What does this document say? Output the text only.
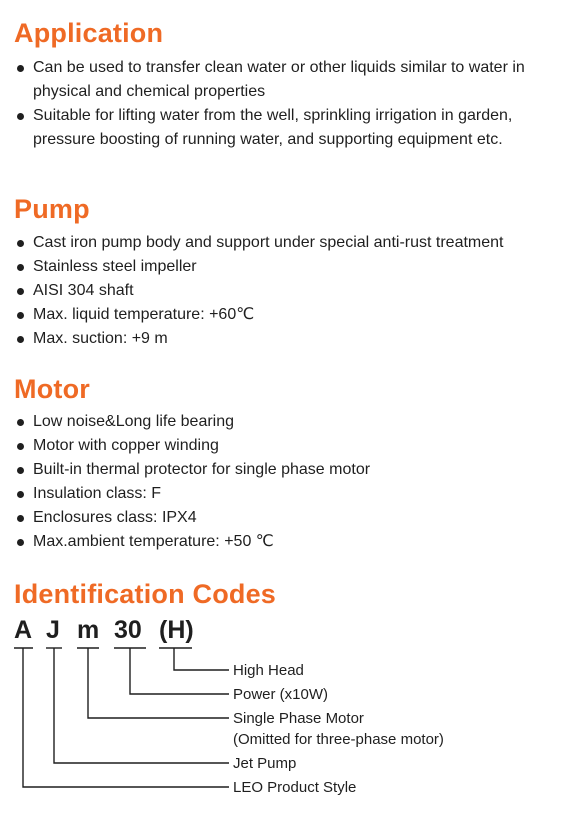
Application
Can be used to transfer clean water or other liquids similar to water in physical and chemical properties
Suitable for lifting water from the well, sprinkling irrigation in garden, pressure boosting of running water, and supporting equipment etc.
Pump
Cast iron pump body and support under special anti-rust treatment
Stainless steel impeller
AISI 304 shaft
Max. liquid temperature: +60℃
Max. suction: +9 m
Motor
Low noise&Long life bearing
Motor with copper winding
Built-in thermal protector for single phase motor
Insulation class: F
Enclosures class: IPX4
Max.ambient temperature: +50 ℃
Identification Codes
A J m 30 (H)
High Head
Power (x10W)
Single Phase Motor
(Omitted for three-phase motor)
Jet Pump
LEO Product Style
